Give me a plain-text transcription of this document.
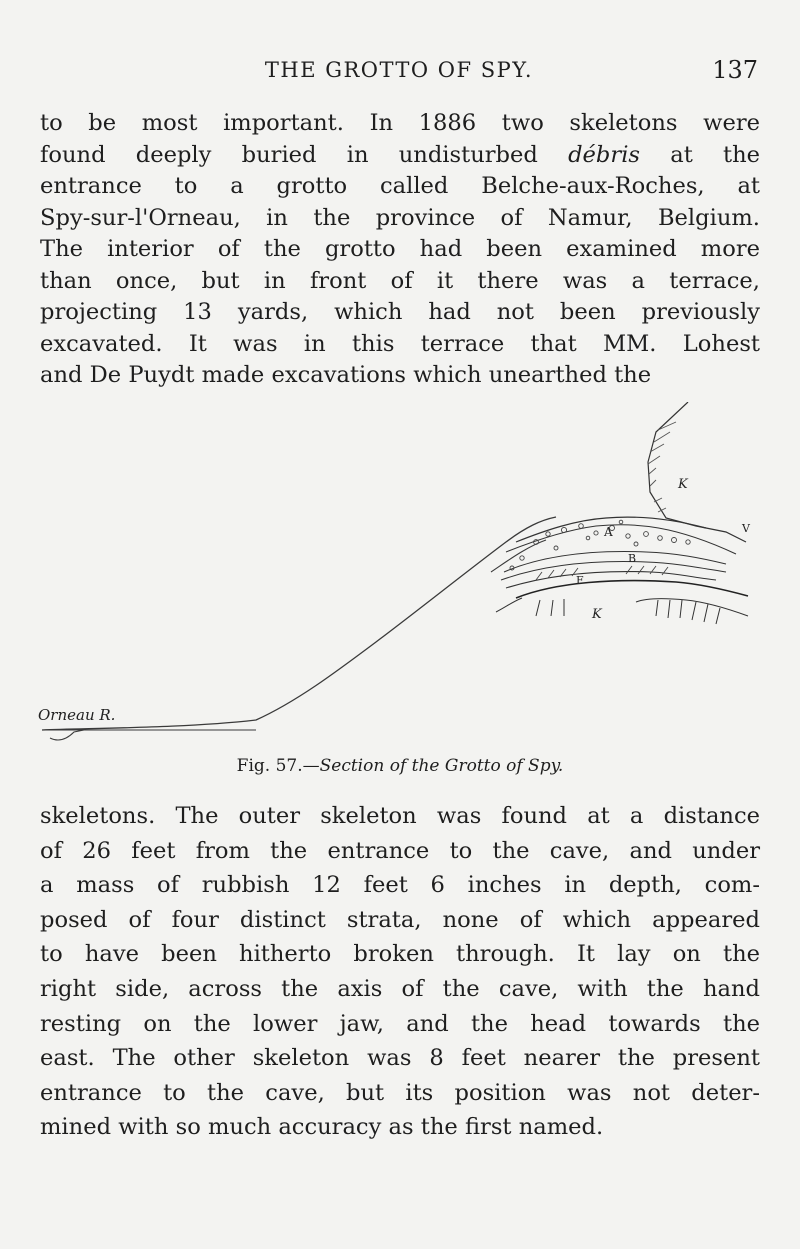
THE GROTTO OF SPY.	137
to be most important. In 1886 two skeletons were
found deeply buried in undisturbed débris at the
entrance to a grotto called Belche-aux-Roches, at
Spy-sur-l'Orneau, in the province of Namur, Belgium.
The interior of the grotto had been examined more
than once, but in front of it there was a terrace,
projecting 13 yards, which had not been previously
excavated. It was in this terrace that MM. Lohest
and De Puydt made excavations which unearthed the
Orneau R.
K
K
A
F
B
V
Fig. 57.—Section of the Grotto of Spy.
skeletons. The outer skeleton was found at a distance
of 26 feet from the entrance to the cave, and under
a mass of rubbish 12 feet 6 inches in depth, com-
posed of four distinct strata, none of which appeared
to have been hitherto broken through. It lay on the
right side, across the axis of the cave, with the hand
resting on the lower jaw, and the head towards the
east. The other skeleton was 8 feet nearer the present
entrance to the cave, but its position was not deter-
mined with so much accuracy as the first named.
